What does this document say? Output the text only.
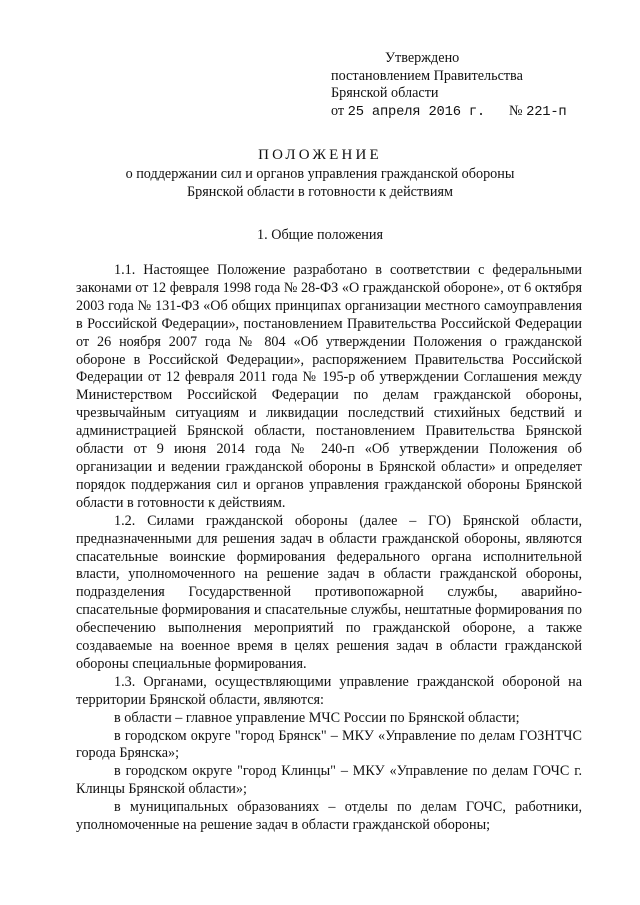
Утверждено
постановлением Правительства
Брянской области
от 25 апреля 2016 г. № 221-п
ПОЛОЖЕНИЕ
о поддержании сил и органов управления гражданской обороны
Брянской области в готовности к действиям
1. Общие положения

1.1. Настоящее Положение разработано в соответствии с федеральными законами от 12 февраля 1998 года № 28-ФЗ «О гражданской обороне», от 6 октября 2003 года № 131-ФЗ «Об общих принципах организации местного самоуправления в Российской Федерации», постановлением Правительства Российской Федерации от 26 ноября 2007 года № 804 «Об утверждении Положения о гражданской обороне в Российской Федерации», распоряжением Правительства Российской Федерации от 12 февраля 2011 года № 195-р об утверждении Соглашения между Министерством Российской Федерации по делам гражданской обороны, чрезвычайным ситуациям и ликвидации последствий стихийных бедствий и администрацией Брянской области, постановлением Правительства Брянской области от 9 июня 2014 года № 240-п «Об утверждении Положения об организации и ведении гражданской обороны в Брянской области» и определяет порядок поддержания сил и органов управления гражданской обороны Брянской области в готовности к действиям.

1.2. Силами гражданской обороны (далее – ГО) Брянской области, предназначенными для решения задач в области гражданской обороны, являются спасательные воинские формирования федерального органа исполнительной власти, уполномоченного на решение задач в области гражданской обороны, подразделения Государственной противопожарной службы, аварийно-спасательные формирования и спасательные службы, нештатные формирования по обеспечению выполнения мероприятий по гражданской обороне, а также создаваемые на военное время в целях решения задач в области гражданской обороны специальные формирования.

1.3. Органами, осуществляющими управление гражданской обороной на территории Брянской области, являются:

в области – главное управление МЧС России по Брянской области;

в городском округе "город Брянск" – МКУ «Управление по делам ГОЗНТЧС города Брянска»;

в городском округе "город Клинцы" – МКУ «Управление по делам ГОЧС г. Клинцы Брянской области»;

в муниципальных образованиях – отделы по делам ГОЧС, работники, уполномоченные на решение задач в области гражданской обороны;
